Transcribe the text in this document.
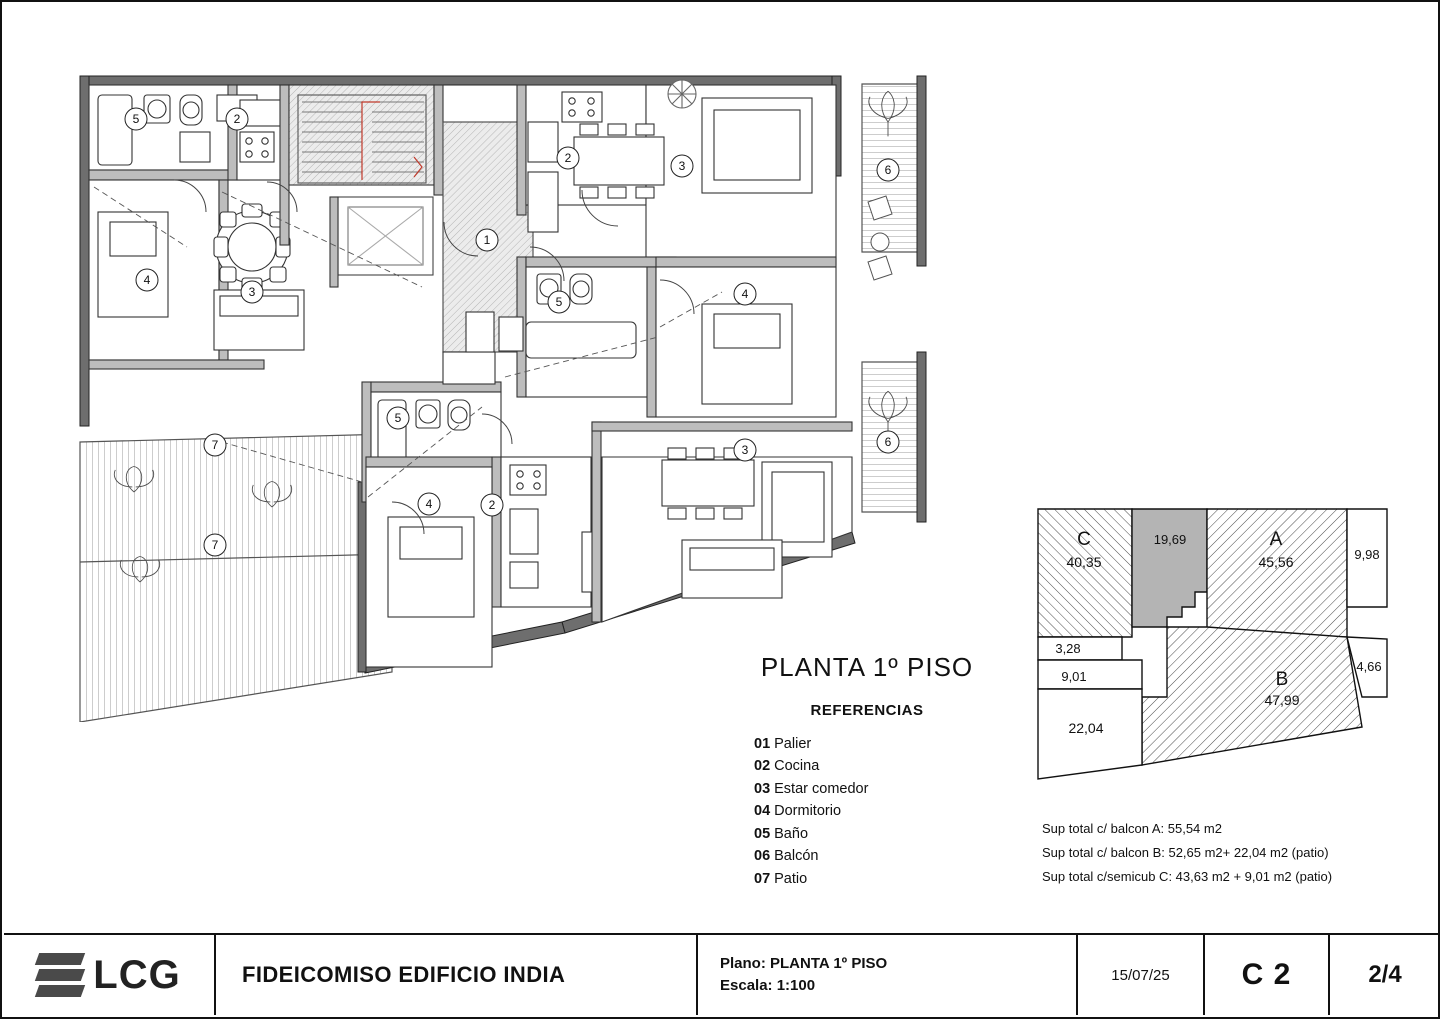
5	2
4
3
1
2
3	6
5
4
5
3
6
4	2
7
7
PLANTA 1º PISO
REFERENCIAS
01 Palier
02 Cocina
03 Estar comedor
04 Dormitorio
05 Baño
06 Balcón
07 Patio
C
40,35
A
45,56
B
47,99
19,69
9,98
4,66
3,28
9,01
22,04
Sup total c/ balcon A: 55,54 m2
Sup total c/ balcon B: 52,65 m2+ 22,04 m2 (patio)
Sup total c/semicub C: 43,63 m2 + 9,01 m2 (patio)
LCG	FIDEICOMISO EDIFICIO INDIA	Plano: PLANTA 1º PISO
Escala: 1:100
15/07/25 C 2	2/4
